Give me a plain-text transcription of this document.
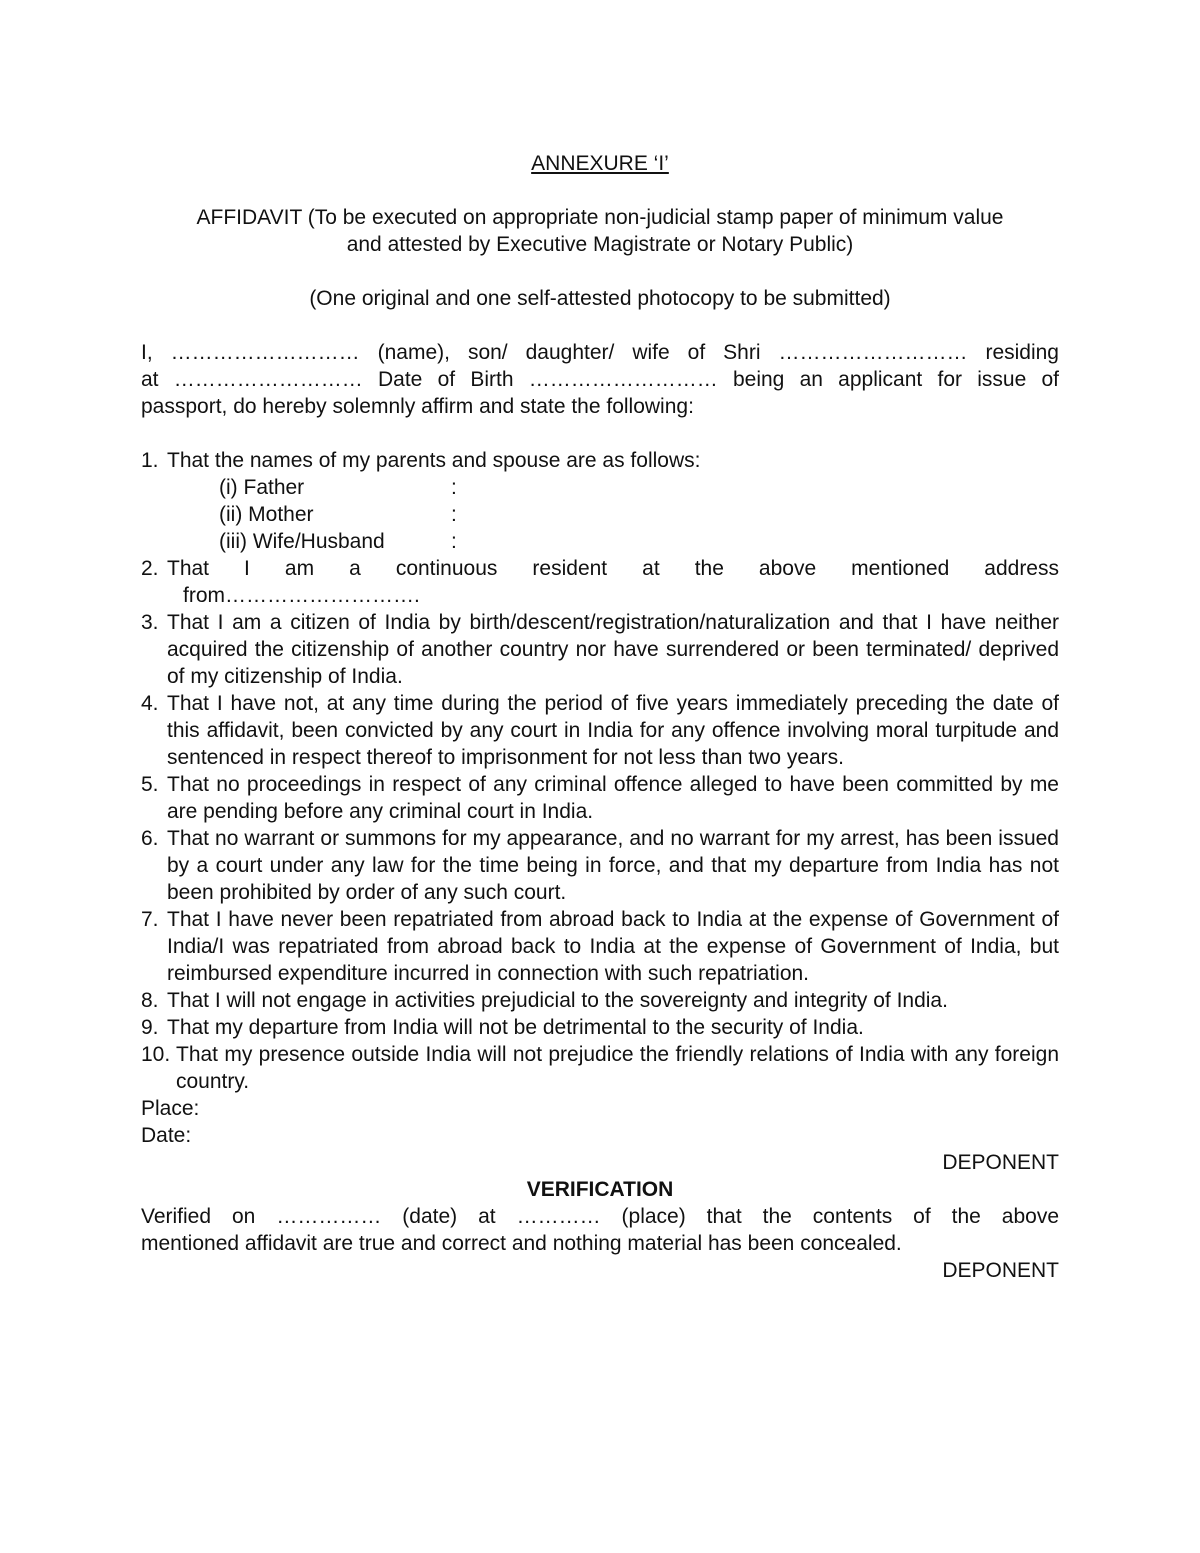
ANNEXURE ‘I’

AFFIDAVIT (To be executed on appropriate non-judicial stamp paper of minimum value

and attested by Executive Magistrate or Notary Public)

(One original and one self-attested photocopy to be submitted)

I, ……………………… (name), son/ daughter/ wife of Shri ……………………… residing

at ……………………… Date of Birth ……………………… being an applicant for issue of

passport, do hereby solemnly affirm and state the following:

1. That the names of my parents and spouse are as follows:
(i) Father	:
(ii) Mother	:
(iii) Wife/Husband	:
2. That I am a continuous resident at the above mentioned address
from……………………….
3. That I am a citizen of India by birth/descent/registration/naturalization and that I have neither acquired the citizenship of another country nor have surrendered or been terminated/ deprived of my citizenship of India.
4. That I have not, at any time during the period of five years immediately preceding the date of this affidavit, been convicted by any court in India for any offence involving moral turpitude and sentenced in respect thereof to imprisonment for not less than two years.
5. That no proceedings in respect of any criminal offence alleged to have been committed by me are pending before any criminal court in India.
6. That no warrant or summons for my appearance, and no warrant for my arrest, has been issued by a court under any law for the time being in force, and that my departure from India has not been prohibited by order of any such court.
7. That I have never been repatriated from abroad back to India at the expense of Government of India/I was repatriated from abroad back to India at the expense of Government of India, but reimbursed expenditure incurred in connection with such repatriation.
8. That I will not engage in activities prejudicial to the sovereignty and integrity of India.
9. That my departure from India will not be detrimental to the security of India.
10. That my presence outside India will not prejudice the friendly relations of India with any foreign country.

Place:

Date:

DEPONENT

VERIFICATION

Verified on …………… (date) at ………… (place) that the contents of the above

mentioned affidavit are true and correct and nothing material has been concealed.

DEPONENT
